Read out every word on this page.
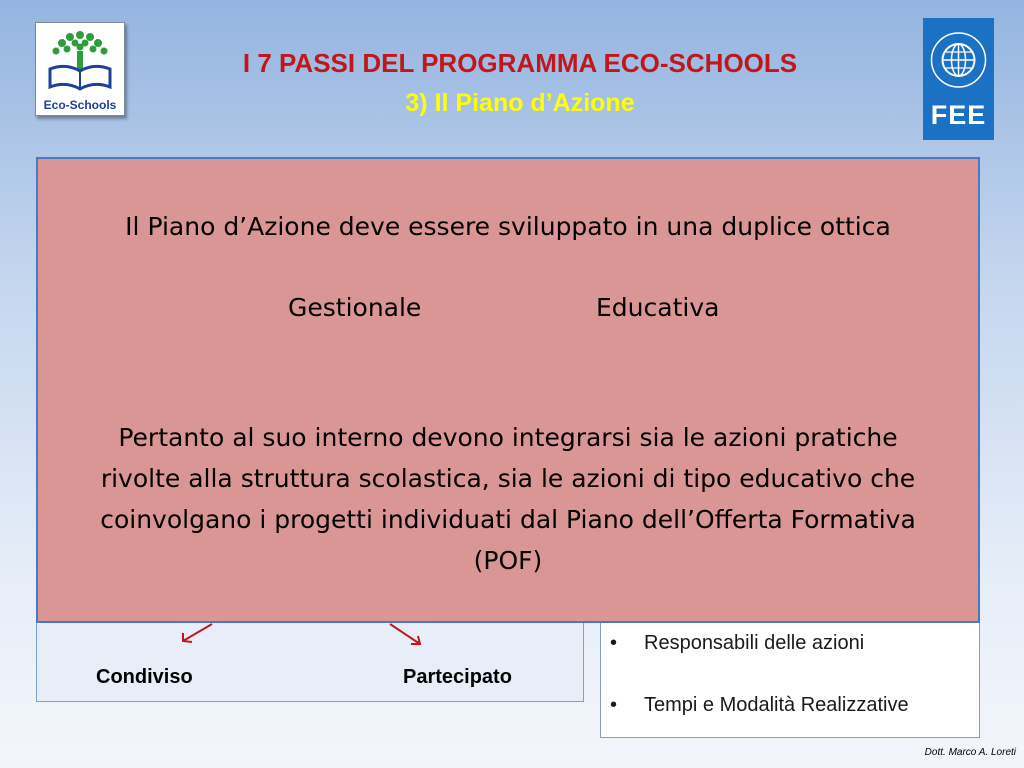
Eco-Schools	FEE
I 7 PASSI DEL PROGRAMMA ECO-SCHOOLS
3) Il Piano d’Azione
Condiviso	Partecipato
• Responsabili delle azioni
• Tempi e Modalità Realizzative
Il Piano d’Azione deve essere sviluppato in una duplice ottica
Gestionale	Educativa
Pertanto al suo interno devono integrarsi sia le azioni pratiche
rivolte alla struttura scolastica, sia le azioni di tipo educativo che
coinvolgano i progetti individuati dal Piano dell’Offerta Formativa
(POF)
Dott. Marco A. Loreti
